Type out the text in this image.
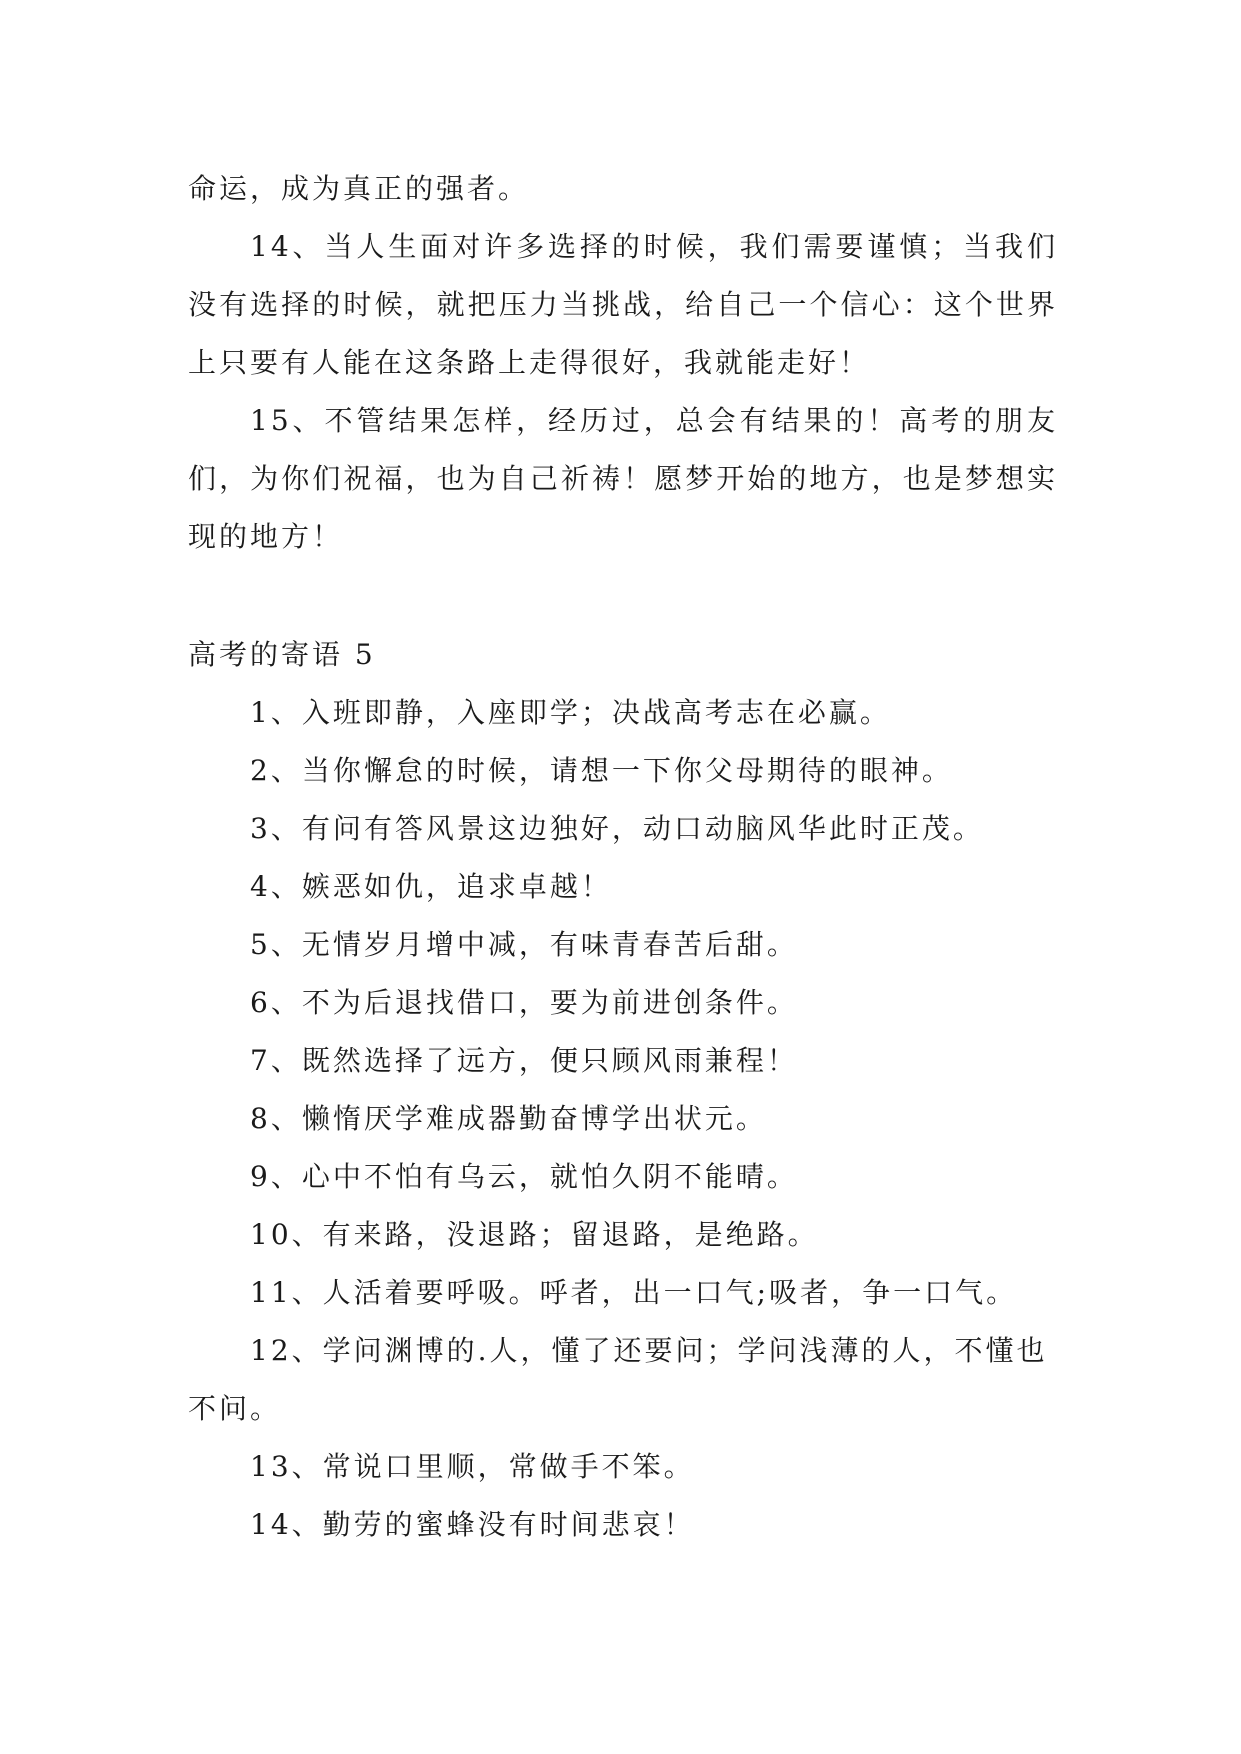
命运，成为真正的强者。

14、当人生面对许多选择的时候，我们需要谨慎；当我们没有选择的时候，就把压力当挑战，给自己一个信心：这个世界上只要有人能在这条路上走得很好，我就能走好！

15、不管结果怎样，经历过，总会有结果的！高考的朋友们，为你们祝福，也为自己祈祷！愿梦开始的地方，也是梦想实现的地方！

高考的寄语 5

1、入班即静，入座即学；决战高考志在必赢。

2、当你懈怠的时候，请想一下你父母期待的眼神。

3、有问有答风景这边独好，动口动脑风华此时正茂。

4、嫉恶如仇，追求卓越！

5、无情岁月增中减，有味青春苦后甜。

6、不为后退找借口，要为前进创条件。

7、既然选择了远方，便只顾风雨兼程！

8、懒惰厌学难成器勤奋博学出状元。

9、心中不怕有乌云，就怕久阴不能晴。

10、有来路，没退路；留退路，是绝路。

11、人活着要呼吸。呼者，出一口气;吸者，争一口气。

12、学问渊博的.人，懂了还要问；学问浅薄的人，不懂也不问。

13、常说口里顺，常做手不笨。

14、勤劳的蜜蜂没有时间悲哀！
